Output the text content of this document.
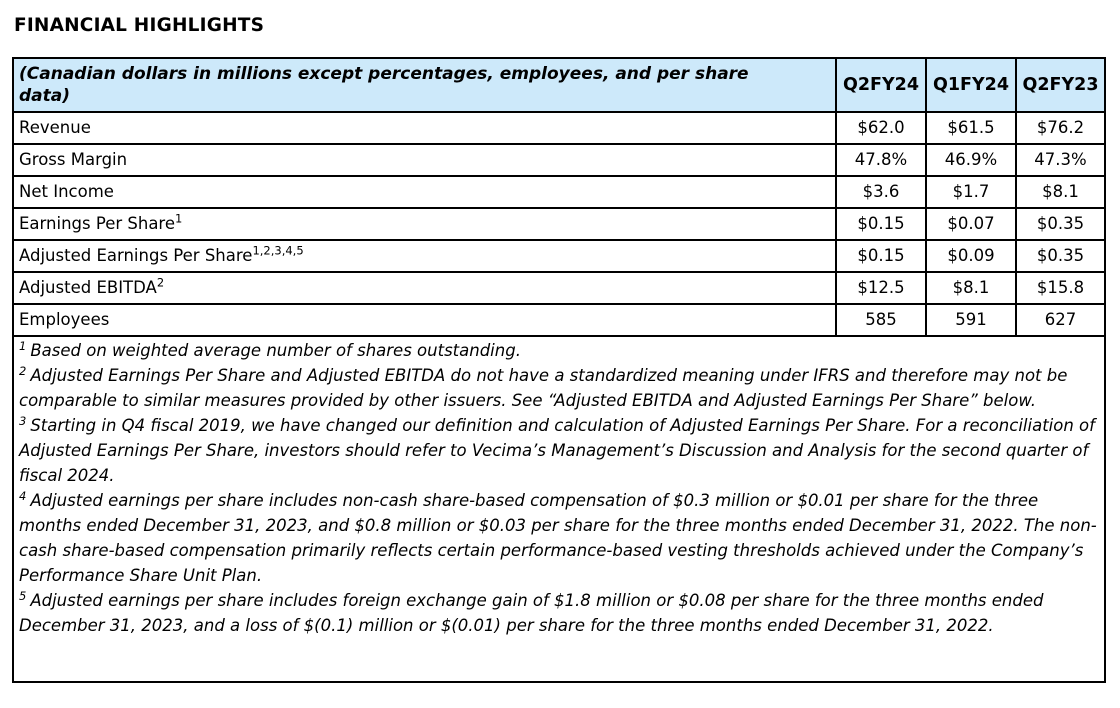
FINANCIAL HIGHLIGHTS
(Canadian dollars in millions except percentages, employees, and per share data)	Q2FY24	Q1FY24	Q2FY23
Revenue	$62.0	$61.5	$76.2
Gross Margin	47.8%	46.9%	47.3%
Net Income	$3.6	$1.7	$8.1
Earnings Per Share$^1$	$0.15	$0.07	$0.35
Adjusted Earnings Per Share$^{1,2,3,4,5}$	$0.15	$0.09	$0.35
Adjusted EBITDA$^2$	$12.5	$8.1	$15.8
Employees	585	591	627

$^1$ Based on weighted average number of shares outstanding.
$^2$ Adjusted Earnings Per Share and Adjusted EBITDA do not have a standardized meaning under IFRS and therefore may not be comparable to similar measures provided by other issuers. See “Adjusted EBITDA and Adjusted Earnings Per Share” below.
$^3$ Starting in Q4 fiscal 2019, we have changed our definition and calculation of Adjusted Earnings Per Share. For a reconciliation of Adjusted Earnings Per Share, investors should refer to Vecima’s Management’s Discussion and Analysis for the second quarter of fiscal 2024.
$^4$ Adjusted earnings per share includes non-cash share-based compensation of $0.3 million or $0.01 per share for the three months ended December 31, 2023, and $0.8 million or $0.03 per share for the three months ended December 31, 2022. The non-cash share-based compensation primarily reflects certain performance-based vesting thresholds achieved under the Company’s Performance Share Unit Plan.
$^5$ Adjusted earnings per share includes foreign exchange gain of $1.8 million or $0.08 per share for the three months ended December 31, 2023, and a loss of $(0.1) million or $(0.01) per share for the three months ended December 31, 2022.			
